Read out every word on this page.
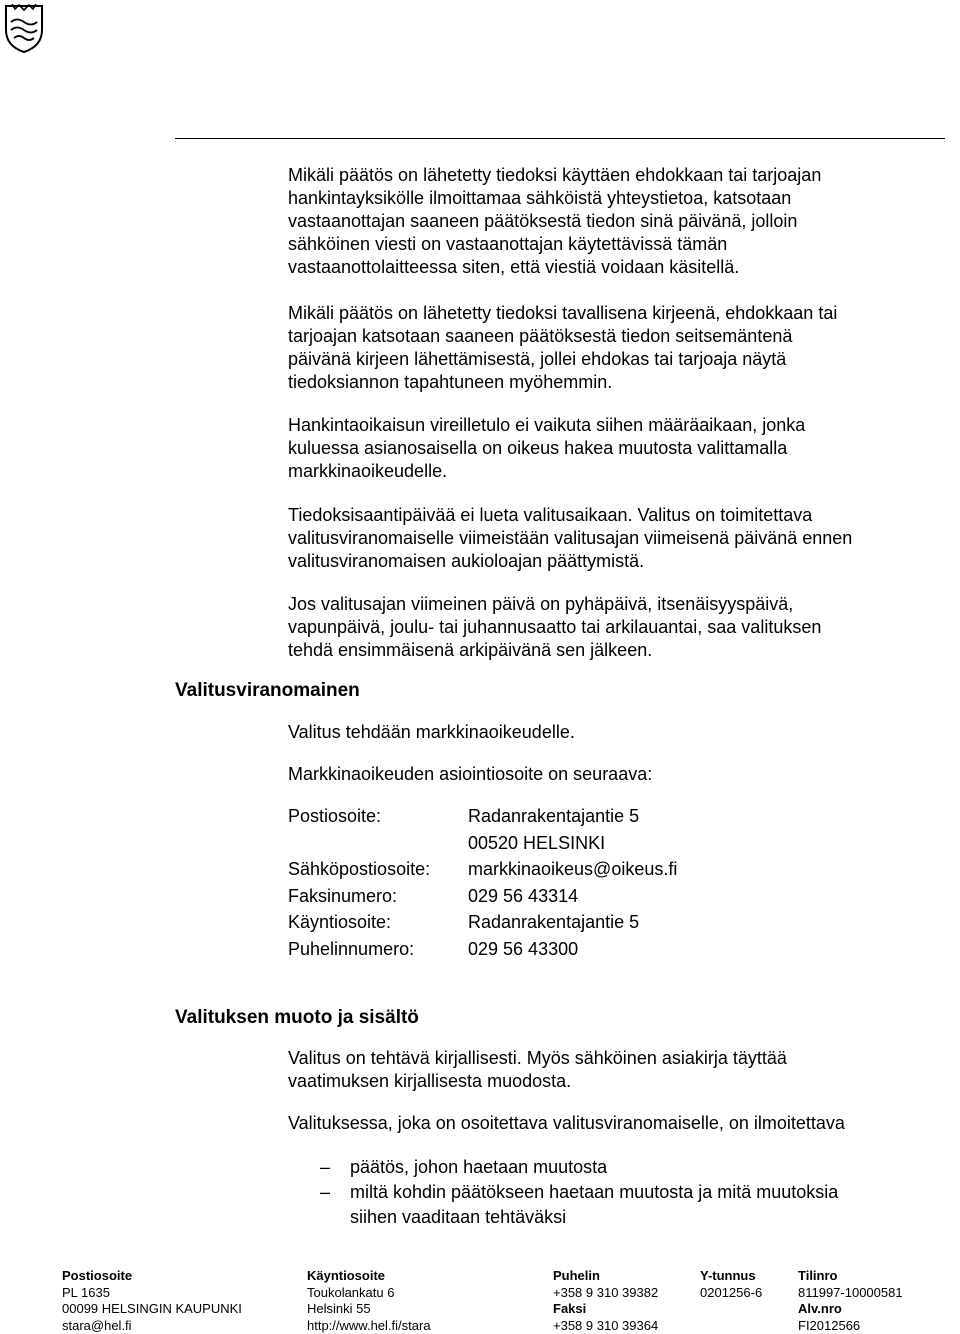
Helsingin kaupunki
Rakentamispalvelu (Stara)
Logistiikka
Yksikönjohtaja
Pöytäkirja
7/2014
6 (8)
06.03.2014
Mikäli päätös on lähetetty tiedoksi käyttäen ehdokkaan tai tarjoajan
hankintayksikölle ilmoittamaa sähköistä yhteystietoa, katsotaan
vastaanottajan saaneen päätöksestä tiedon sinä päivänä, jolloin
sähköinen viesti on vastaanottajan käytettävissä tämän
vastaanottolaitteessa siten, että viestiä voidaan käsitellä.
Mikäli päätös on lähetetty tiedoksi tavallisena kirjeenä, ehdokkaan tai
tarjoajan katsotaan saaneen päätöksestä tiedon seitsemäntenä
päivänä kirjeen lähettämisestä, jollei ehdokas tai tarjoaja näytä
tiedoksiannon tapahtuneen myöhemmin.
Hankintaoikaisun vireilletulo ei vaikuta siihen määräaikaan, jonka
kuluessa asianosaisella on oikeus hakea muutosta valittamalla
markkinaoikeudelle.
Tiedoksisaantipäivää ei lueta valitusaikaan. Valitus on toimitettava
valitusviranomaiselle viimeistään valitusajan viimeisenä päivänä ennen
valitusviranomaisen aukioloajan päättymistä.
Jos valitusajan viimeinen päivä on pyhäpäivä, itsenäisyyspäivä,
vapunpäivä, joulu- tai juhannusaatto tai arkilauantai, saa valituksen
tehdä ensimmäisenä arkipäivänä sen jälkeen.
Valitusviranomainen
Valitus tehdään markkinaoikeudelle.
Markkinaoikeuden asiointiosoite on seuraava:
Postiosoite:	Radanrakentajantie 5
00520 HELSINKI
Sähköpostiosoite:	markkinaoikeus@oikeus.fi
Faksinumero:	029 56 43314
Käyntiosoite:	Radanrakentajantie 5
Puhelinnumero:	029 56 43300
Valituksen muoto ja sisältö
Valitus on tehtävä kirjallisesti. Myös sähköinen asiakirja täyttää
vaatimuksen kirjallisesta muodosta.
Valituksessa, joka on osoitettava valitusviranomaiselle, on ilmoitettava
–	päätös, johon haetaan muutosta
–	miltä kohdin päätökseen haetaan muutosta ja mitä muutoksia
siihen vaaditaan tehtäväksi
Postiosoite
PL 1635
00099 HELSINGIN KAUPUNKI
stara@hel.fi
Käyntiosoite
Toukolankatu 6
Helsinki 55
http://www.hel.fi/stara
Puhelin
+358 9 310 39382
Faksi
+358 9 310 39364
Y-tunnus
0201256-6
Tilinro
811997-10000581
Alv.nro
FI2012566
